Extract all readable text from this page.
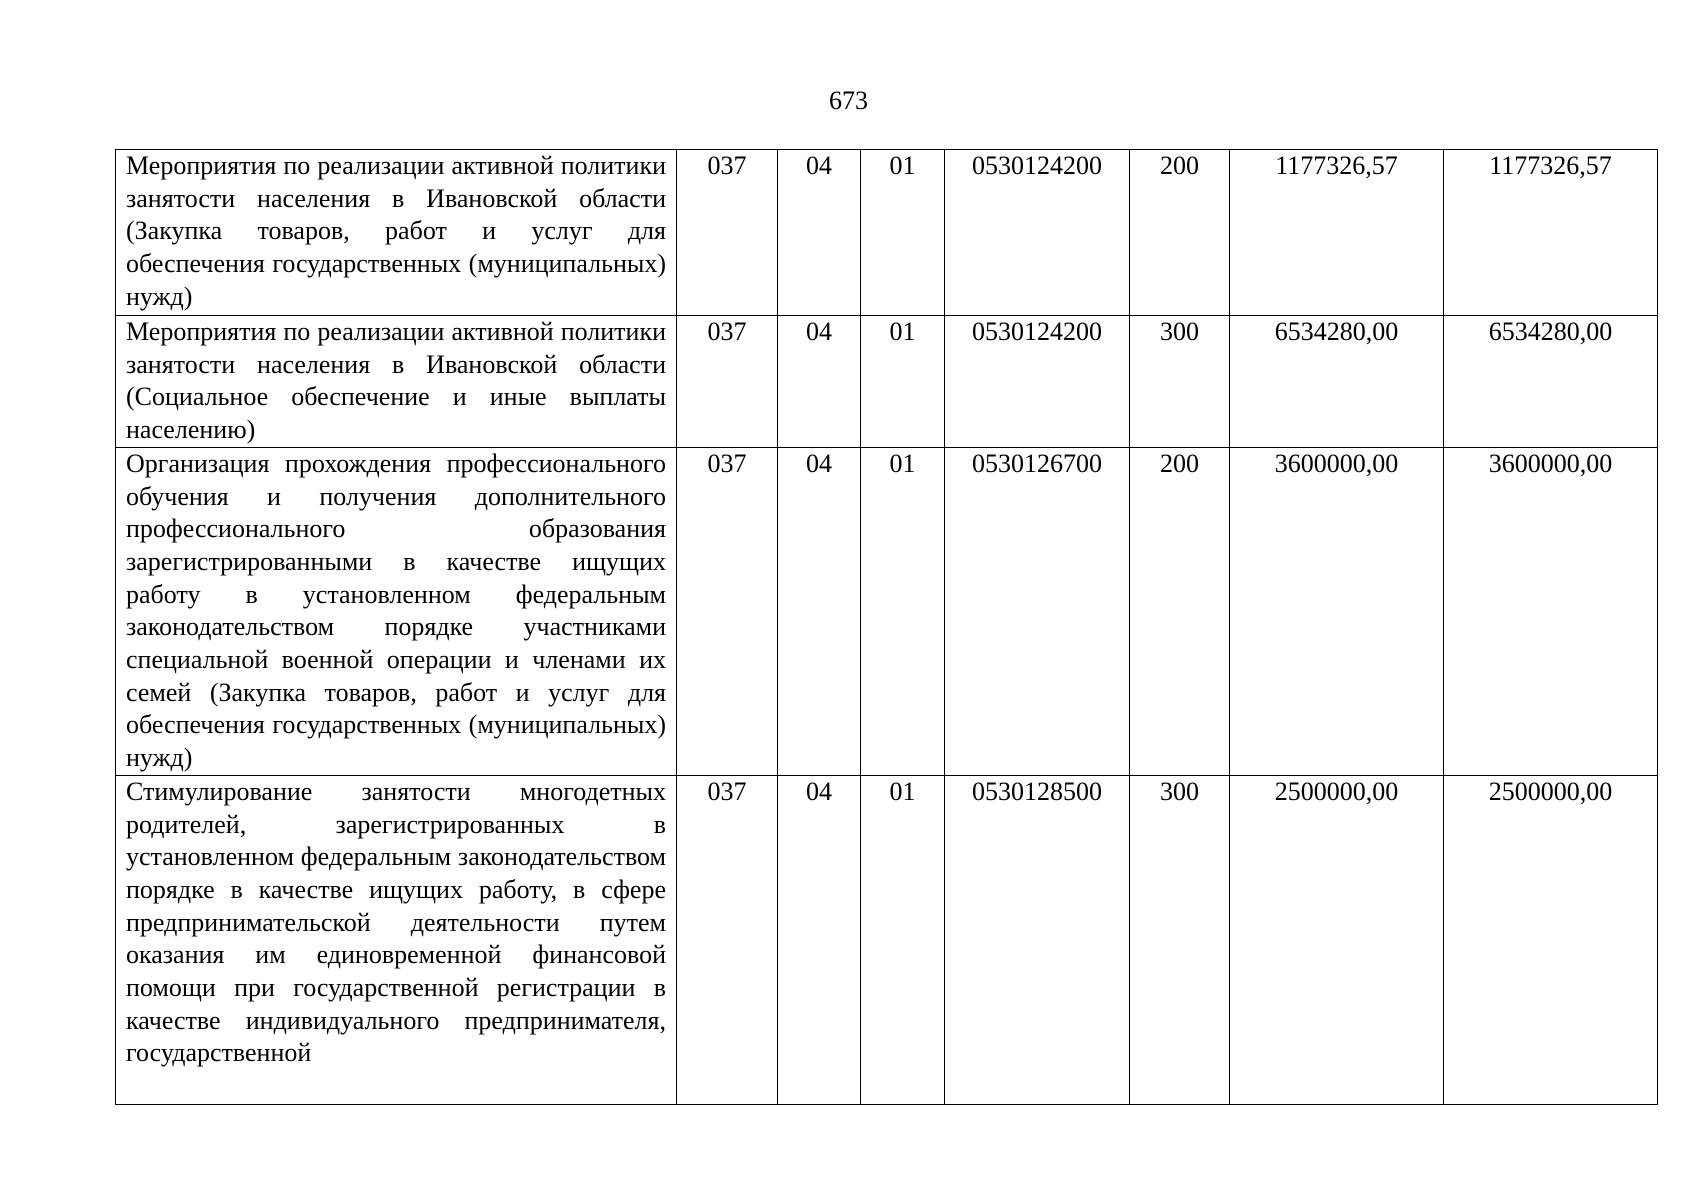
673
Мероприятия по реализации активной политики занятости населения в Ивановской области (Закупка товаров, работ и услуг для обеспечения государственных (муниципальных) нужд)	037	04	01	0530124200	200	1177326,57	1177326,57
Мероприятия по реализации активной политики занятости населения в Ивановской области (Социальное обеспечение и иные выплаты населению)	037	04	01	0530124200	300	6534280,00	6534280,00
Организация прохождения профессионального обучения и получения дополнительного профессионального образования зарегистрированными в качестве ищущих работу в установленном федеральным законодательством порядке участниками специальной военной операции и членами их семей (Закупка товаров, работ и услуг для обеспечения государственных (муниципальных) нужд)	037	04	01	0530126700	200	3600000,00	3600000,00

Стимулирование занятости многодетных родителей, зарегистрированных в установленном федеральным законодательством порядке в качестве ищущих работу, в сфере предпринимательской деятельности путем оказания им единовременной финансовой помощи при государственной регистрации в качестве индивидуального предпринимателя, государственной	037	04	01	0530128500	300	2500000,00	2500000,00
